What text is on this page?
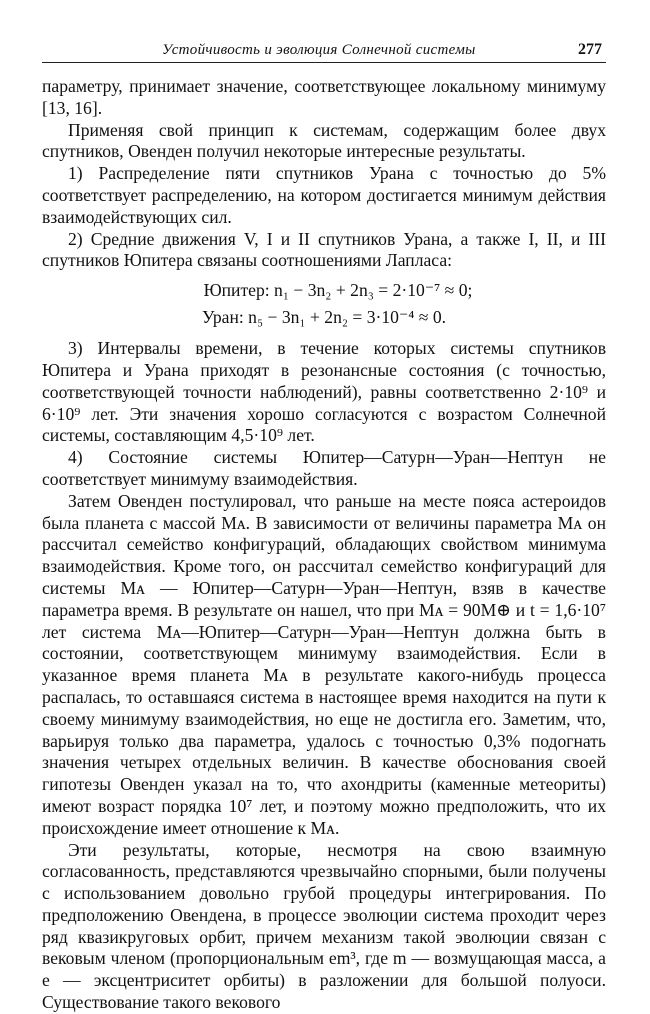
Устойчивость и эволюция Солнечной системы	277

параметру, принимает значение, соответствующее локальному минимуму [13, 16].

Применяя свой принцип к системам, содержащим более двух спутников, Овенден получил некоторые интересные результаты.

1) Распределение пяти спутников Урана с точностью до 5% соответствует распределению, на котором достигается минимум действия взаимодействующих сил.

2) Средние движения V, I и II спутников Урана, а также I, II, и III спутников Юпитера связаны соотношениями Лапласа:

Юпитер: n₁ − 3n₂ + 2n₃ = 2·10⁻⁷ ≈ 0;
Уран: n₅ − 3n₁ + 2n₂ = 3·10⁻⁴ ≈ 0.

3) Интервалы времени, в течение которых системы спутников Юпитера и Урана приходят в резонансные состояния (с точностью, соответствующей точности наблюдений), равны соответственно 2·10⁹ и 6·10⁹ лет. Эти значения хорошо согласуются с возрастом Солнечной системы, составляющим 4,5·10⁹ лет.

4) Состояние системы Юпитер—Сатурн—Уран—Нептун не соответствует минимуму взаимодействия.

Затем Овенден постулировал, что раньше на месте пояса астероидов была планета с массой Mᴀ. В зависимости от величины параметра Mᴀ он рассчитал семейство конфигураций, обладающих свойством минимума взаимодействия. Кроме того, он рассчитал семейство конфигураций для системы Mᴀ — Юпитер—Сатурн—Уран—Нептун, взяв в качестве параметра время. В результате он нашел, что при Mᴀ = 90M⊕ и t = 1,6·10⁷ лет система Mᴀ—Юпитер—Сатурн—Уран—Нептун должна быть в состоянии, соответствующем минимуму взаимодействия. Если в указанное время планета Mᴀ в результате какого-нибудь процесса распалась, то оставшаяся система в настоящее время находится на пути к своему минимуму взаимодействия, но еще не достигла его. Заметим, что, варьируя только два параметра, удалось с точностью 0,3% подогнать значения четырех отдельных величин. В качестве обоснования своей гипотезы Овенден указал на то, что ахондриты (каменные метеориты) имеют возраст порядка 10⁷ лет, и поэтому можно предположить, что их происхождение имеет отношение к Mᴀ.

Эти результаты, которые, несмотря на свою взаимную согласованность, представляются чрезвычайно спорными, были получены с использованием довольно грубой процедуры интегрирования. По предположению Овендена, в процессе эволюции система проходит через ряд квазикруговых орбит, причем механизм такой эволюции связан с вековым членом (пропорциональным em³, где m — возмущающая масса, а e — эксцентриситет орбиты) в разложении для большой полуоси. Существование такого векового
